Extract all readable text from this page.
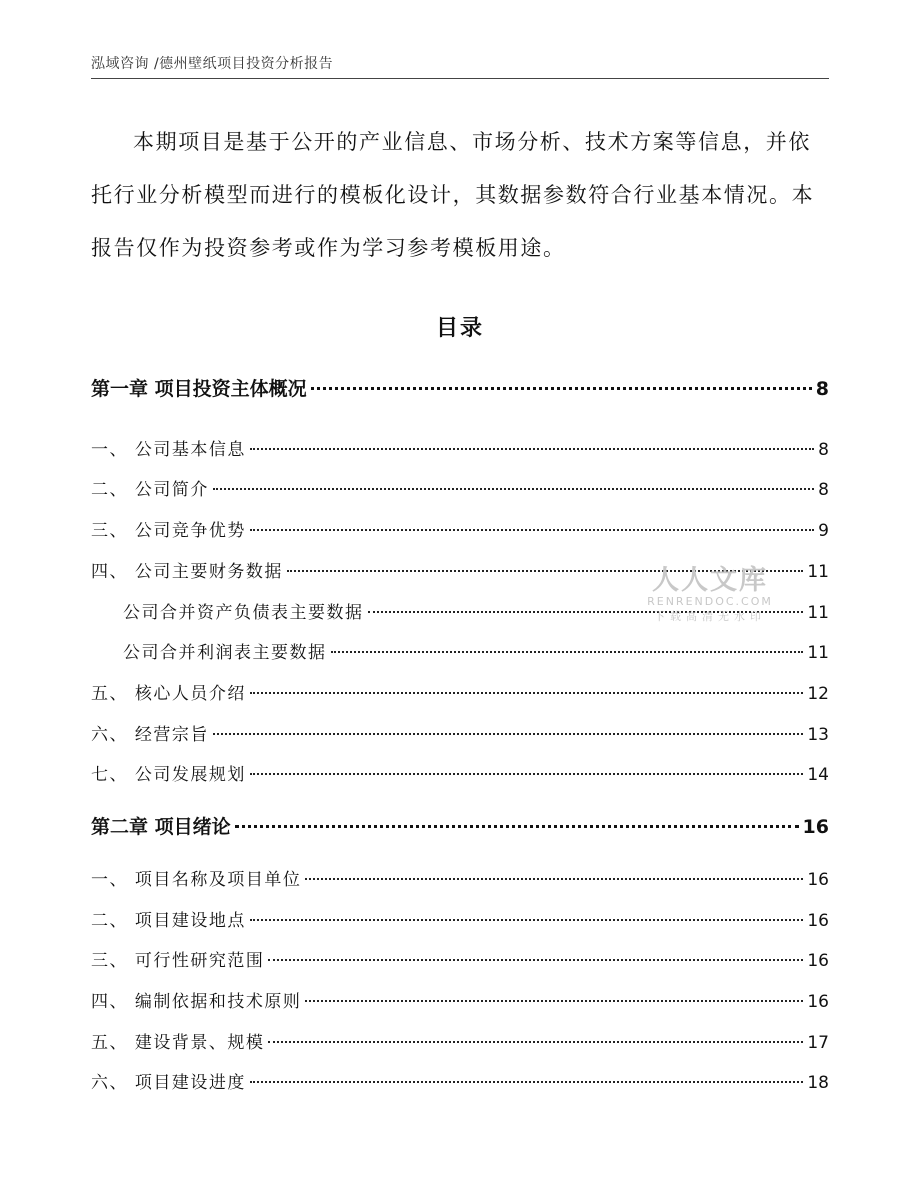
泓域咨询 /德州壁纸项目投资分析报告

本期项目是基于公开的产业信息、市场分析、技术方案等信息，并依托行业分析模型而进行的模板化设计，其数据参数符合行业基本情况。本报告仅作为投资参考或作为学习参考模板用途。

目录
第一章 项目投资主体概况	8
一、 公司基本信息	8
二、 公司简介	8
三、 公司竞争优势	9
四、 公司主要财务数据	11
公司合并资产负债表主要数据	11
公司合并利润表主要数据	11
五、 核心人员介绍	12
六、 经营宗旨	13
七、 公司发展规划	14
第二章 项目绪论	16
一、 项目名称及项目单位	16
二、 项目建设地点	16
三、 可行性研究范围	16
四、 编制依据和技术原则	16
五、 建设背景、规模	17
六、 项目建设进度	18
人人文库
RENRENDOC.COM
下载高清无水印
